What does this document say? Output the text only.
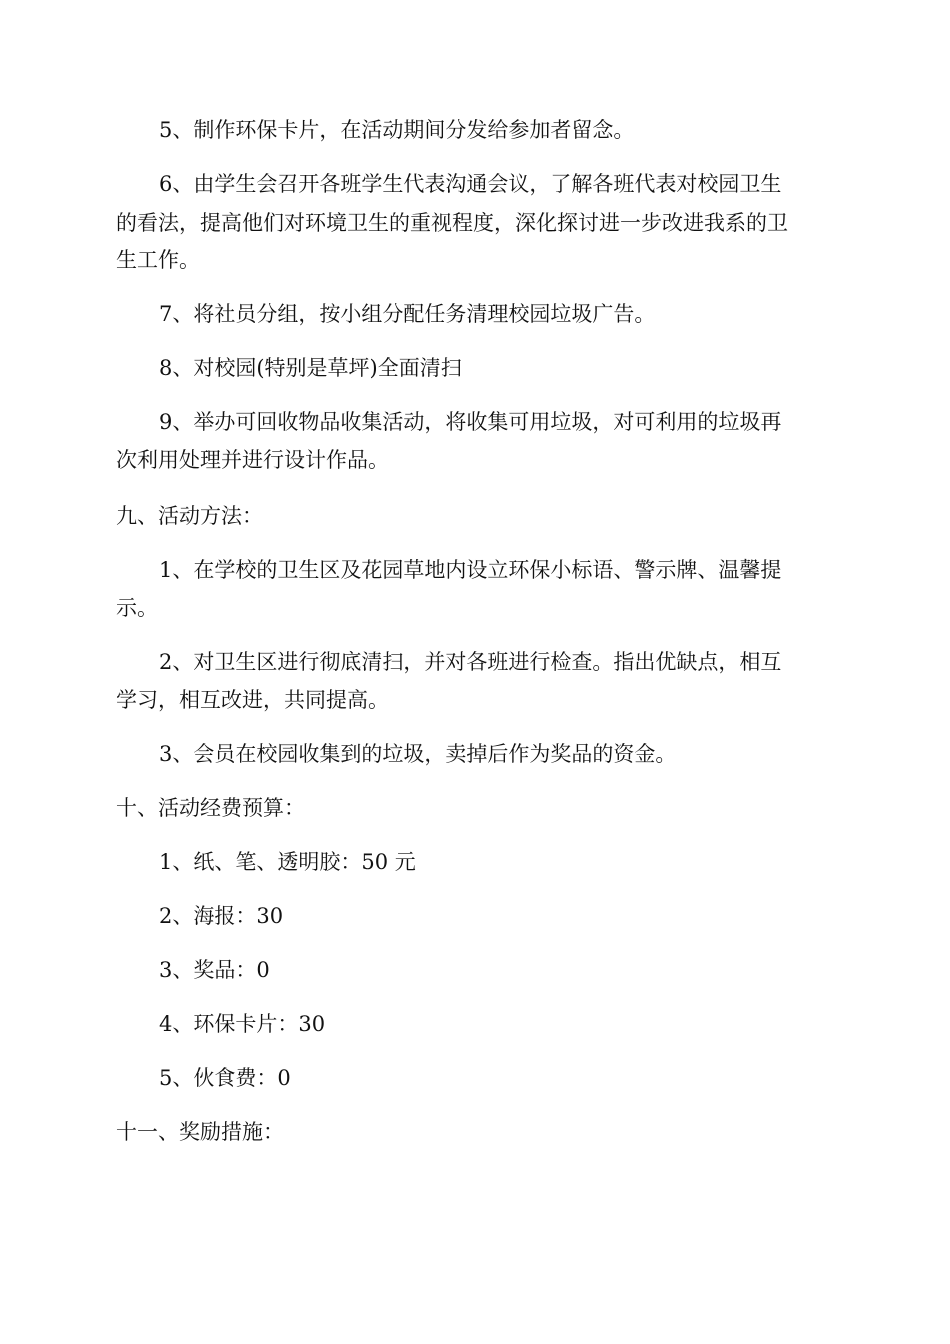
5、制作环保卡片，在活动期间分发给参加者留念。
6、由学生会召开各班学生代表沟通会议，了解各班代表对校园卫生
的看法，提高他们对环境卫生的重视程度，深化探讨进一步改进我系的卫
生工作。
7、将社员分组，按小组分配任务清理校园垃圾广告。
8、对校园(特别是草坪)全面清扫
9、举办可回收物品收集活动，将收集可用垃圾，对可利用的垃圾再
次利用处理并进行设计作品。
九、活动方法：
1、在学校的卫生区及花园草地内设立环保小标语、警示牌、温馨提
示。
2、对卫生区进行彻底清扫，并对各班进行检查。指出优缺点，相互
学习，相互改进，共同提高。
3、会员在校园收集到的垃圾，卖掉后作为奖品的资金。
十、活动经费预算：
1、纸、笔、透明胶：50 元
2、海报：30
3、奖品：0
4、环保卡片：30
5、伙食费：0
十一、奖励措施：
